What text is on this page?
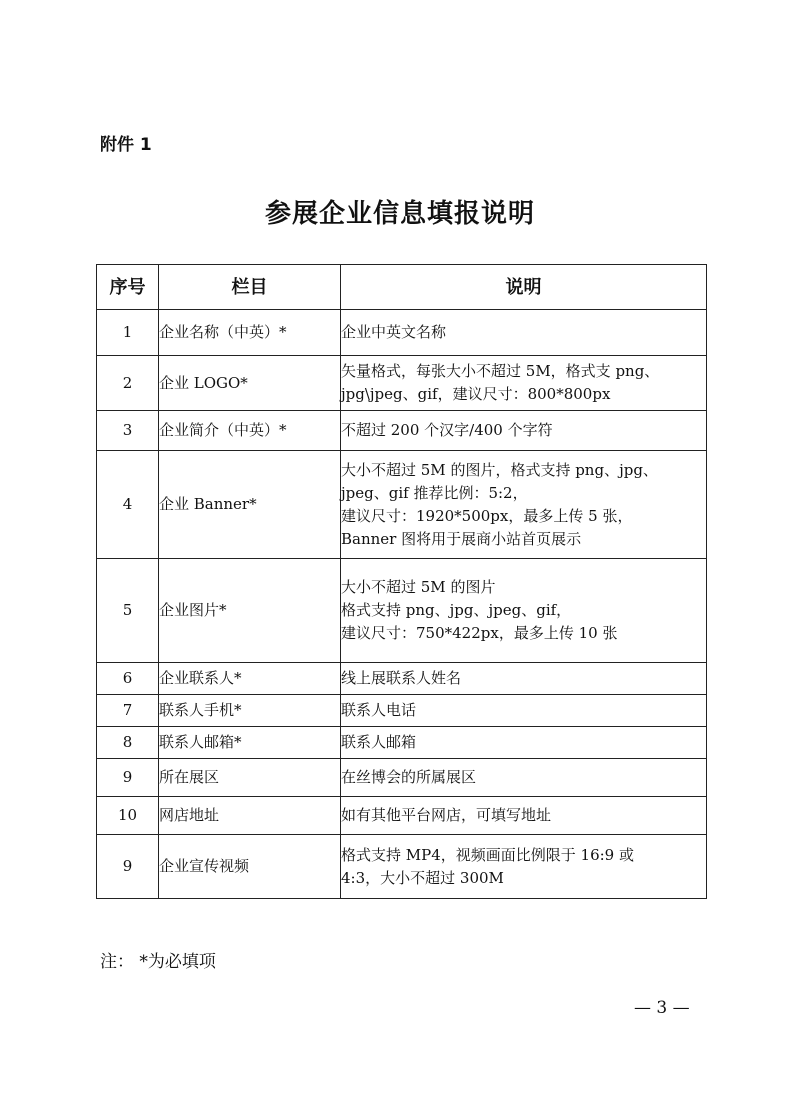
附件 1
参展企业信息填报说明
序号	栏目	说明
1	企业名称（中英）*	企业中英文名称

2	企业 LOGO*	矢量格式，每张大小不超过 5M，格式支 png、
jpg\jpeg、gif，建议尺寸：800*800px

3	企业简介（中英）*	不超过 200 个汉字/400 个字符

4	企业 Banner*	大小不超过 5M 的图片，格式支持 png、jpg、
jpeg、gif 推荐比例：5:2，
建议尺寸：1920*500px，最多上传 5 张，
Banner 图将用于展商小站首页展示

5	企业图片*	大小不超过 5M 的图片
格式支持 png、jpg、jpeg、gif，
建议尺寸：750*422px，最多上传 10 张

6	企业联系人*	线上展联系人姓名

7	联系人手机*	联系人电话

8	联系人邮箱*	联系人邮箱

9	所在展区	在丝博会的所属展区

10	网店地址	如有其他平台网店，可填写地址

9	企业宣传视频	格式支持 MP4，视频画面比例限于 16:9 或
4:3，大小不超过 300M
注： *为必填项
— 3 —
